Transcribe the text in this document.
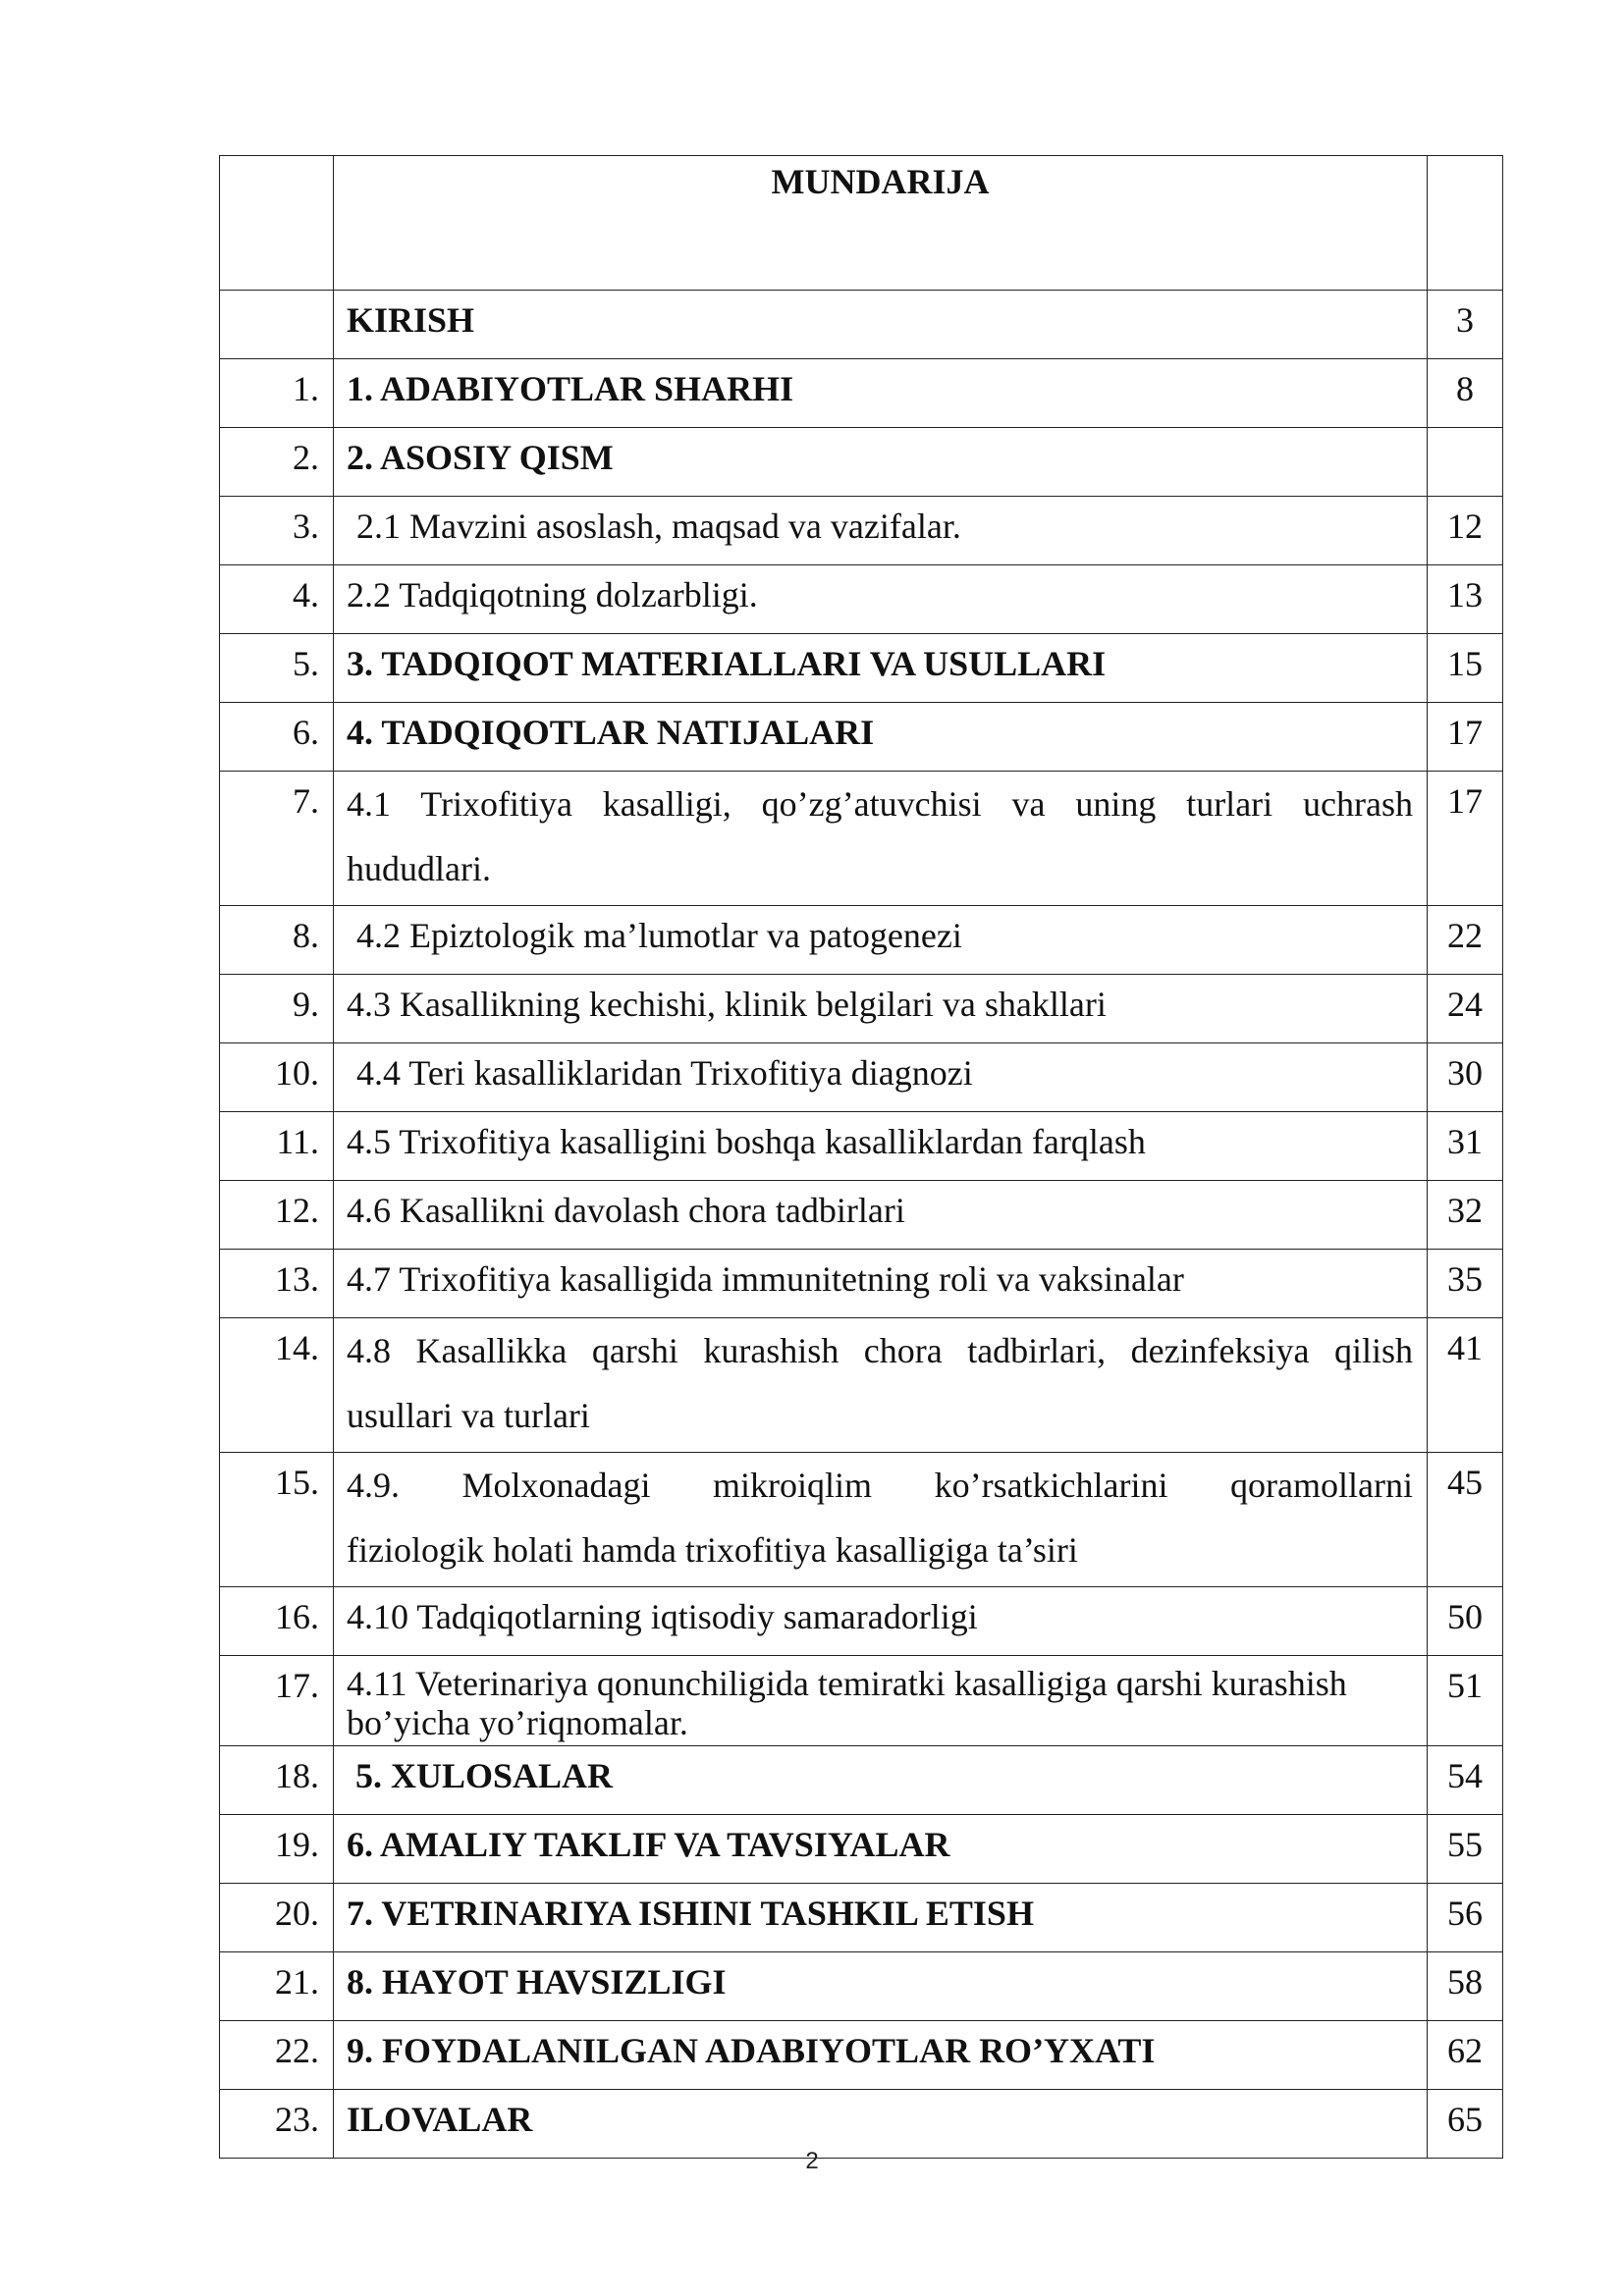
	MUNDARIJA	
	KIRISH	3
1.	1. ADABIYOTLAR SHARHI	8
2.	2. ASOSIY QISM	
3.	2.1 Mavzini asoslash, maqsad va vazifalar.	12
4.	2.2 Tadqiqotning dolzarbligi.	13
5.	3. TADQIQOT MATERIALLARI VA USULLARI	15
6.	4. TADQIQOTLAR NATIJALARI	17
7.	4.1 Trixofitiya kasalligi, qo’zg’atuvchisi va uning turlari uchrash hududlari.	17
8.	4.2 Epiztologik ma’lumotlar va patogenezi	22
9.	4.3 Kasallikning kechishi, klinik belgilari va shakllari	24
10.	4.4 Teri kasalliklaridan Trixofitiya diagnozi	30
11.	4.5 Trixofitiya kasalligini boshqa kasalliklardan farqlash	31
12.	4.6 Kasallikni davolash chora tadbirlari	32
13.	4.7 Trixofitiya kasalligida immunitetning roli va vaksinalar	35
14.	4.8 Kasallikka qarshi kurashish chora tadbirlari, dezinfeksiya qilish usullari va turlari	41
15.	4.9.   Molxonadagi   mikroiqlim   ko’rsatkichlarini   qoramollarni fiziologik holati hamda trixofitiya kasalligiga ta’siri	45
16.	4.10 Tadqiqotlarning iqtisodiy samaradorligi	50
17.	4.11 Veterinariya qonunchiligida temiratki kasalligiga qarshi kurashish bo’yicha yo’riqnomalar.	51
18.	5. XULOSALAR	54
19.	6. AMALIY TAKLIF VA TAVSIYALAR	55
20.	7. VETRINARIYA ISHINI TASHKIL ETISH	56
21.	8. HAYOT HAVSIZLIGI	58
22.	9. FOYDALANILGAN ADABIYOTLAR RO’YXATI	62
23.	ILOVALAR	65
2
